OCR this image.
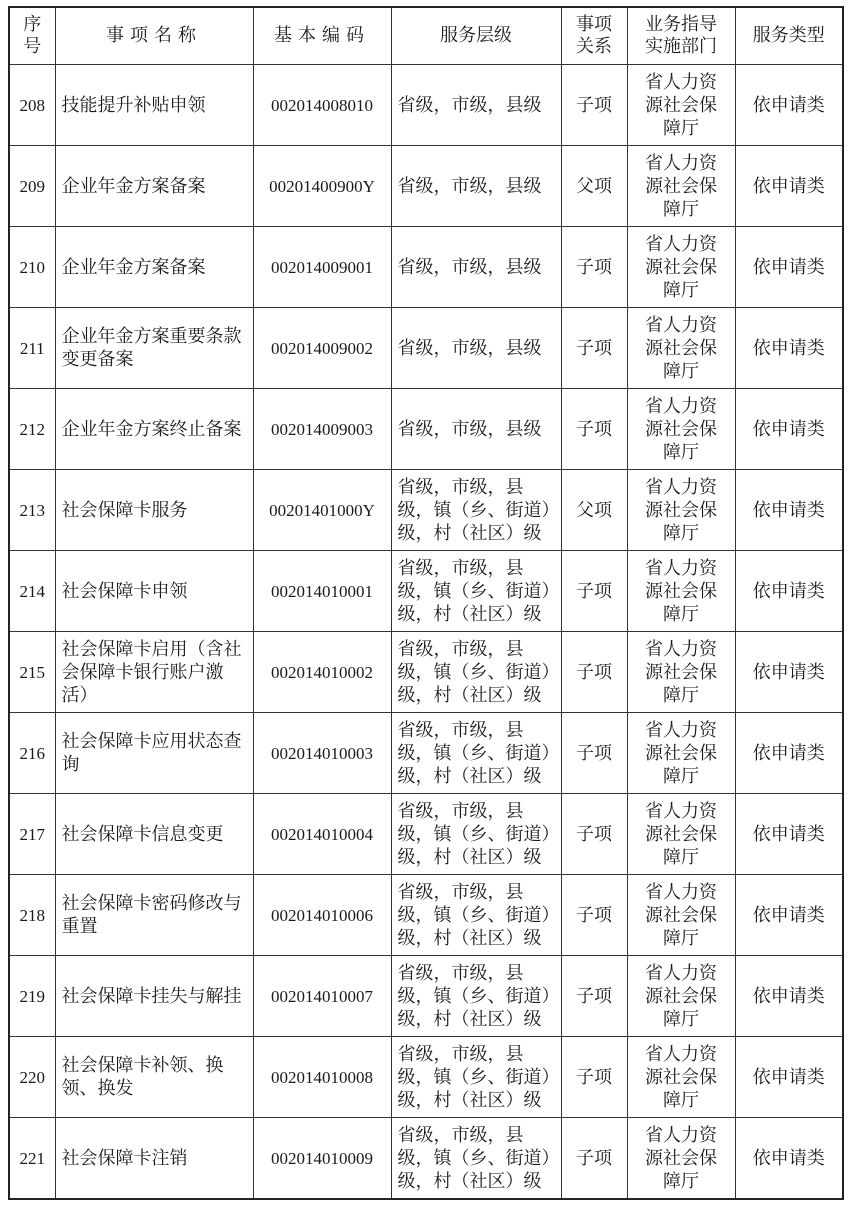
序号	事项名称	基本编码	服务层级	事项关系	业务指导实施部门	服务类型

208	技能提升补贴申领	002014008010	省级，市级，县级	子项	省人力资源社会保障厅	依申请类

209	企业年金方案备案	00201400900Y	省级，市级，县级	父项	省人力资源社会保障厅	依申请类

210	企业年金方案备案	002014009001	省级，市级，县级	子项	省人力资源社会保障厅	依申请类

211	企业年金方案重要条款变更备案	002014009002	省级，市级，县级	子项	省人力资源社会保障厅	依申请类

212	企业年金方案终止备案	002014009003	省级，市级，县级	子项	省人力资源社会保障厅	依申请类

213	社会保障卡服务	00201401000Y	省级，市级，县级，镇（乡、街道）级，村（社区）级	父项	省人力资源社会保障厅	依申请类

214	社会保障卡申领	002014010001	省级，市级，县级，镇（乡、街道）级，村（社区）级	子项	省人力资源社会保障厅	依申请类

215	社会保障卡启用（含社会保障卡银行账户激活）	002014010002	省级，市级，县级，镇（乡、街道）级，村（社区）级	子项	省人力资源社会保障厅	依申请类

216	社会保障卡应用状态查询	002014010003	省级，市级，县级，镇（乡、街道）级，村（社区）级	子项	省人力资源社会保障厅	依申请类

217	社会保障卡信息变更	002014010004	省级，市级，县级，镇（乡、街道）级，村（社区）级	子项	省人力资源社会保障厅	依申请类

218	社会保障卡密码修改与重置	002014010006	省级，市级，县级，镇（乡、街道）级，村（社区）级	子项	省人力资源社会保障厅	依申请类

219	社会保障卡挂失与解挂	002014010007	省级，市级，县级，镇（乡、街道）级，村（社区）级	子项	省人力资源社会保障厅	依申请类

220	社会保障卡补领、换领、换发	002014010008	省级，市级，县级，镇（乡、街道）级，村（社区）级	子项	省人力资源社会保障厅	依申请类

221	社会保障卡注销	002014010009	省级，市级，县级，镇（乡、街道）级，村（社区）级	子项	省人力资源社会保障厅	依申请类
